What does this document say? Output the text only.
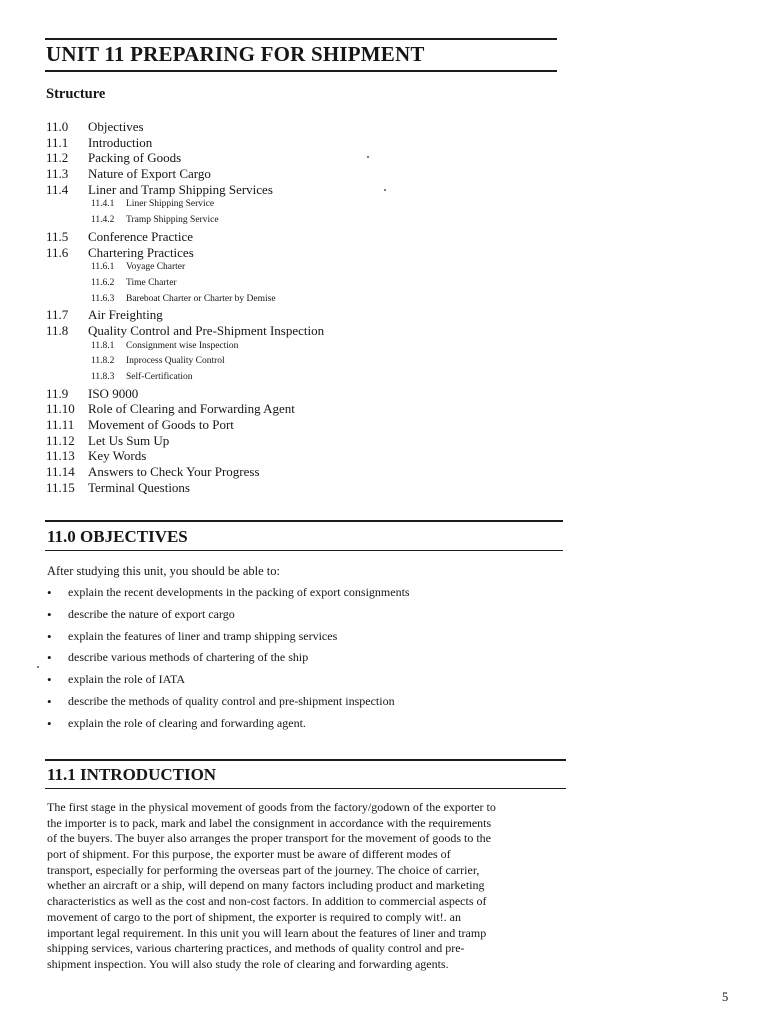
UNIT 11 PREPARING FOR SHIPMENT
Structure
11.0 Objectives
11.1 Introduction
11.2 Packing of Goods
11.3 Nature of Export Cargo
11.4 Liner and Tramp Shipping Services
11.4.1 Liner Shipping Service
11.4.2 Tramp Shipping Service
11.5 Conference Practice
11.6 Chartering Practices
11.6.1 Voyage Charter
11.6.2 Time Charter
11.6.3 Bareboat Charter or Charter by Demise
11.7 Air Freighting
11.8 Quality Control and Pre-Shipment Inspection
11.8.1 Consignment wise Inspection
11.8.2 Inprocess Quality Control
11.8.3 Self-Certification
11.9 ISO 9000
11.10 Role of Clearing and Forwarding Agent
11.11 Movement of Goods to Port
11.12 Let Us Sum Up
11.13 Key Words
11.14 Answers to Check Your Progress
11.15 Terminal Questions
11.0 OBJECTIVES
After studying this unit, you should be able to:
• explain the recent developments in the packing of export consignments
• describe the nature of export cargo
• explain the features of liner and tramp shipping services
• describe various methods of chartering of the ship
• explain the role of IATA
• describe the methods of quality control and pre-shipment inspection
• explain the role of clearing and forwarding agent.
11.1 INTRODUCTION
The first stage in the physical movement of goods from the factory/godown of the exporter to
the importer is to pack, mark and label the consignment in accordance with the requirements
of the buyers. The buyer also arranges the proper transport for the movement of goods to the
port of shipment. For this purpose, the exporter must be aware of different modes of
transport, especially for performing the overseas part of the journey. The choice of carrier,
whether an aircraft or a ship, will depend on many factors including product and marketing
characteristics as well as the cost and non-cost factors. In addition to commercial aspects of
movement of cargo to the port of shipment, the exporter is required to comply wit!. an
important legal requirement. In this unit you will learn about the features of liner and tramp
shipping services, various chartering practices, and methods of quality control and pre-
shipment inspection. You will also study the role of clearing and forwarding agents.
5
